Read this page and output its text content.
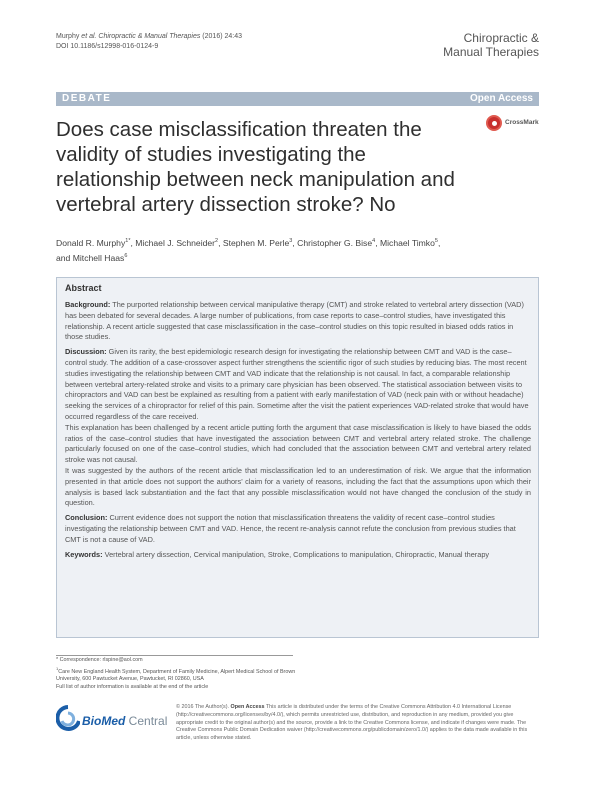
Murphy et al. Chiropractic & Manual Therapies (2016) 24:43
DOI 10.1186/s12998-016-0124-9
Chiropractic &
Manual Therapies
DEBATE	Open Access
Does case misclassification threaten the validity of studies investigating the relationship between neck manipulation and vertebral artery dissection stroke? No
CrossMark
Donald R. Murphy$^{1*}$, Michael J. Schneider$^2$, Stephen M. Perle$^3$, Christopher G. Bise$^4$, Michael Timko$^5$,
and Mitchell Haas$^6$
Abstract

Background: The purported relationship between cervical manipulative therapy (CMT) and stroke related to vertebral artery dissection (VAD) has been debated for several decades. A large number of publications, from case reports to case–control studies, have investigated this relationship. A recent article suggested that case misclassification in the case–control studies on this topic resulted in biased odds ratios in those studies.

Discussion: Given its rarity, the best epidemiologic research design for investigating the relationship between CMT and VAD is the case–control study. The addition of a case-crossover aspect further strengthens the scientific rigor of such studies by reducing bias. The most recent studies investigating the relationship between CMT and VAD indicate that the relationship is not causal. In fact, a comparable relationship between vertebral artery-related stroke and visits to a primary care physician has been observed. The statistical association between visits to chiropractors and VAD can best be explained as resulting from a patient with early manifestation of VAD (neck pain with or without headache) seeking the services of a chiropractor for relief of this pain. Sometime after the visit the patient experiences VAD-related stroke that would have occurred regardless of the care received.

This explanation has been challenged by a recent article putting forth the argument that case misclassification is likely to have biased the odds ratios of the case–control studies that have investigated the association between CMT and vertebral artery related stroke. The challenge particularly focused on one of the case–control studies, which had concluded that the association between CMT and vertebral artery related stroke was not causal.

It was suggested by the authors of the recent article that misclassification led to an underestimation of risk. We argue that the information presented in that article does not support the authors’ claim for a variety of reasons, including the fact that the assumptions upon which their analysis is based lack substantiation and the fact that any possible misclassification would not have changed the conclusion of the study in question.

Conclusion: Current evidence does not support the notion that misclassification threatens the validity of recent case–control studies investigating the relationship between CMT and VAD. Hence, the recent re-analysis cannot refute the conclusion from previous studies that CMT is not a cause of VAD.

Keywords: Vertebral artery dissection, Cervical manipulation, Stroke, Complications to manipulation, Chiropractic, Manual therapy

* Correspondence: rlspine@aol.com
$^1$Care New England Health System, Department of Family Medicine, Alpert Medical School of Brown University, 600 Pawtucket Avenue, Pawtucket, RI 02860, USA
Full list of author information is available at the end of the article
BioMed Central
© 2016 The Author(s). Open Access This article is distributed under the terms of the Creative Commons Attribution 4.0 International License (http://creativecommons.org/licenses/by/4.0/), which permits unrestricted use, distribution, and reproduction in any medium, provided you give appropriate credit to the original author(s) and the source, provide a link to the Creative Commons license, and indicate if changes were made. The Creative Commons Public Domain Dedication waiver (http://creativecommons.org/publicdomain/zero/1.0/) applies to the data made available in this article, unless otherwise stated.
